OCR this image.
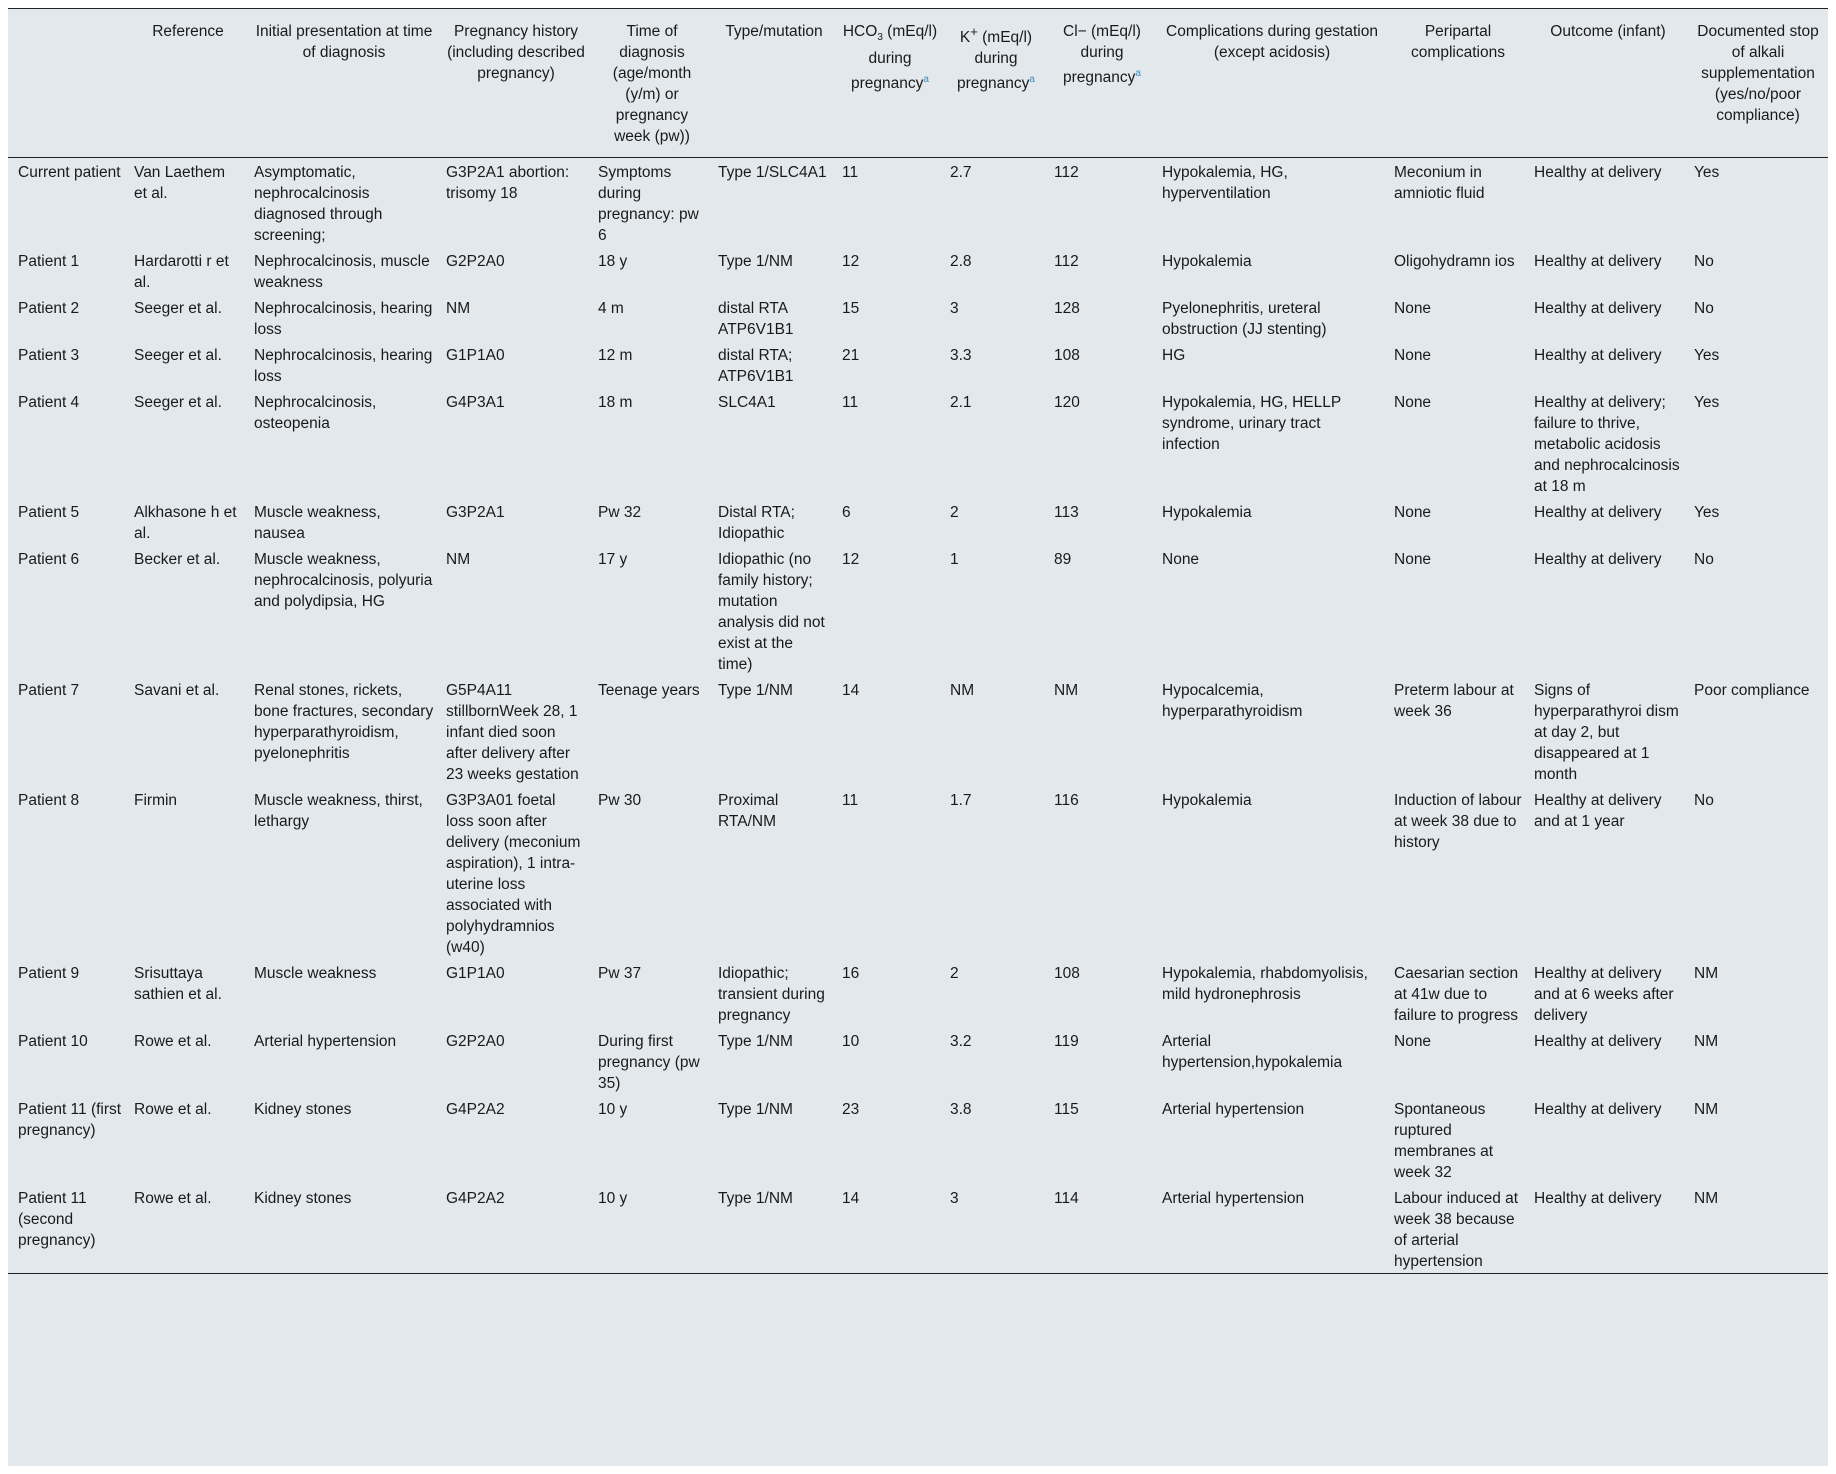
	Reference	Initial presentation at time of diagnosis	Pregnancy history (including described pregnancy)	Time of diagnosis (age/month (y/m) or pregnancy week (pw))	Type/mutation	$HCO_3$ (mEq/l) during pregnancy$^a$	K+ (mEq/l) during pregnancy$^a$	Cl− (mEq/l) during pregnancy$^a$	Complications during gestation (except acidosis)	Peripartal complications	Outcome (infant)	Documented stop of alkali supplementation (yes/no/poor compliance)
Current patient	Van Laethem et al.	Asymptomatic, nephrocalcinosis diagnosed through screening;	G3P2A1 abortion: trisomy 18	Symptoms during pregnancy: pw 6	Type 1/SLC4A1	11	2.7	112	Hypokalemia, HG, hyperventilation	Meconium in amniotic fluid	Healthy at delivery	Yes
Patient 1	Hardarotti r et al.	Nephrocalcinosis, muscle weakness	G2P2A0	18 y	Type 1/NM	12	2.8	112	Hypokalemia	Oligohydramn ios	Healthy at delivery	No
Patient 2	Seeger et al.	Nephrocalcinosis, hearing loss	NM	4 m	distal RTA ATP6V1B1	15	3	128	Pyelonephritis, ureteral obstruction (JJ stenting)	None	Healthy at delivery	No
Patient 3	Seeger et al.	Nephrocalcinosis, hearing loss	G1P1A0	12 m	distal RTA; ATP6V1B1	21	3.3	108	HG	None	Healthy at delivery	Yes
Patient 4	Seeger et al.	Nephrocalcinosis, osteopenia	G4P3A1	18 m	SLC4A1	11	2.1	120	Hypokalemia, HG, HELLP syndrome, urinary tract infection	None	Healthy at delivery; failure to thrive, metabolic acidosis and nephrocalcinosis at 18 m	Yes
Patient 5	Alkhasone h et al.	Muscle weakness, nausea	G3P2A1	Pw 32	Distal RTA; Idiopathic	6	2	113	Hypokalemia	None	Healthy at delivery	Yes
Patient 6	Becker et al.	Muscle weakness, nephrocalcinosis, polyuria and polydipsia, HG	NM	17 y	Idiopathic (no family history; mutation analysis did not exist at the time)	12	1	89	None	None	Healthy at delivery	No
Patient 7	Savani et al.	Renal stones, rickets, bone fractures, secondary hyperparathyroidism, pyelonephritis	G5P4A11 stillbornWeek 28, 1 infant died soon after delivery after 23 weeks gestation	Teenage years	Type 1/NM	14	NM	NM	Hypocalcemia, hyperparathyroidism	Preterm labour at week 36	Signs of hyperparathyroi dism at day 2, but disappeared at 1 month	Poor compliance
Patient 8	Firmin	Muscle weakness, thirst, lethargy	G3P3A01 foetal loss soon after delivery (meconium aspiration), 1 intra-uterine loss associated with polyhydramnios (w40)	Pw 30	Proximal RTA/NM	11	1.7	116	Hypokalemia	Induction of labour at week 38 due to history	Healthy at delivery and at 1 year	No
Patient 9	Srisuttaya sathien et al.	Muscle weakness	G1P1A0	Pw 37	Idiopathic; transient during pregnancy	16	2	108	Hypokalemia, rhabdomyolisis, mild hydronephrosis	Caesarian section at 41w due to failure to progress	Healthy at delivery and at 6 weeks after delivery	NM
Patient 10	Rowe et al.	Arterial hypertension	G2P2A0	During first pregnancy (pw 35)	Type 1/NM	10	3.2	119	Arterial hypertension,hypokalemia	None	Healthy at delivery	NM
Patient 11 (first pregnancy)	Rowe et al.	Kidney stones	G4P2A2	10 y	Type 1/NM	23	3.8	115	Arterial hypertension	Spontaneous ruptured membranes at week 32	Healthy at delivery	NM
Patient 11 (second pregnancy)	Rowe et al.	Kidney stones	G4P2A2	10 y	Type 1/NM	14	3	114	Arterial hypertension	Labour induced at week 38 because of arterial hypertension	Healthy at delivery	NM
